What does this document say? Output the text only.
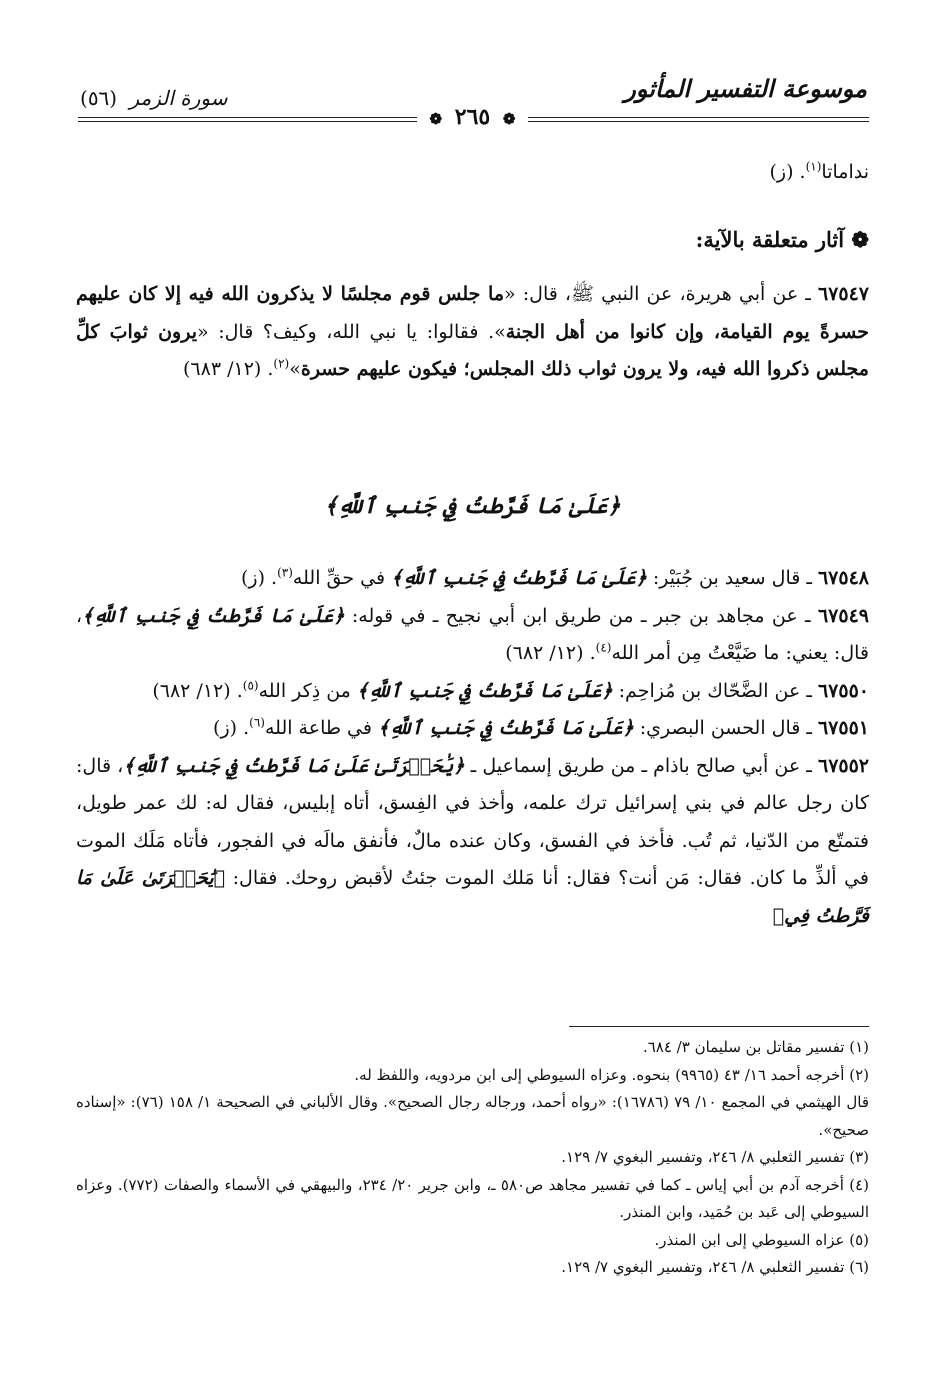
موسوعة التفسير المأثور
سورة الزمر (٥٦)
❁ ٢٦٥ ❁
نداماتا$^{(١)}$. (ز)
❁ آثار متعلقة بالآية:
٦٧٥٤٧ ـ عن أبي هريرة، عن النبي ﷺ، قال: «ما جلس قوم مجلسًا لا يذكرون الله فيه إلا كان عليهم حسرةً يوم القيامة، وإن كانوا من أهل الجنة». فقالوا: يا نبي الله، وكيف؟ قال: «يرون ثوابَ كلِّ مجلس ذكروا الله فيه، ولا يرون ثواب ذلك المجلس؛ فيكون عليهم حسرة»$^{(٢)}$. (١٢/ ٦٨٣)
﴿عَلَىٰ مَا فَرَّطتُ فِي جَنبِ ٱللَّهِ﴾
٦٧٥٤٨ ـ قال سعيد بن جُبَيْر: ﴿عَلَىٰ مَا فَرَّطتُ فِي جَنبِ ٱللَّهِ﴾ في حقِّ الله$^{(٣)}$. (ز)
٦٧٥٤٩ ـ عن مجاهد بن جبر ـ من طريق ابن أبي نجيح ـ في قوله: ﴿عَلَىٰ مَا فَرَّطتُ فِي جَنبِ ٱللَّهِ﴾، قال: يعني: ما ضَيَّعْتُ مِن أمر الله$^{(٤)}$. (١٢/ ٦٨٢)
٦٧٥٥٠ ـ عن الضَّحّاك بن مُزاحِم: ﴿عَلَىٰ مَا فَرَّطتُ فِي جَنبِ ٱللَّهِ﴾ من ذِكر الله$^{(٥)}$. (١٢/ ٦٨٢)
٦٧٥٥١ ـ قال الحسن البصري: ﴿عَلَىٰ مَا فَرَّطتُ فِي جَنبِ ٱللَّهِ﴾ في طاعة الله$^{(٦)}$. (ز)
٦٧٥٥٢ ـ عن أبي صالح باذام ـ من طريق إسماعيل ـ ﴿يَٰحَسۡرَتَىٰ عَلَىٰ مَا فَرَّطتُ فِي جَنبِ ٱللَّهِ﴾، قال: كان رجل عالم في بني إسرائيل ترك علمه، وأخذ في الفِسق، أتاه إبليس، فقال له: لك عمر طويل، فتمتّع من الدّنيا، ثم تُب. فأخذ في الفسق، وكان عنده مالٌ، فأنفق مالَه في الفجور، فأتاه مَلَك الموت في ألذِّ ما كان. فقال: مَن أنت؟ فقال: أنا مَلك الموت جئتُ لأقبض روحك. فقال: ﴿يَٰحَسۡرَتَىٰ عَلَىٰ مَا فَرَّطتُ فِي﴾

(١) تفسير مقاتل بن سليمان ٣/ ٦٨٤.

(٢) أخرجه أحمد ١٦/ ٤٣ (٩٩٦٥) بنحوه. وعزاه السيوطي إلى ابن مردويه، واللفظ له.

قال الهيثمي في المجمع ١٠/ ٧٩ (١٦٧٨٦): «رواه أحمد، ورجاله رجال الصحيح». وقال الألباني في الصحيحة ١/ ١٥٨ (٧٦): «إسناده صحيح».

(٣) تفسير الثعلبي ٨/ ٢٤٦، وتفسير البغوي ٧/ ١٢٩.

(٤) أخرجه آدم بن أبي إياس ـ كما في تفسير مجاهد ص٥٨٠ ـ، وابن جرير ٢٠/ ٢٣٤، والبيهقي في الأسماء والصفات (٧٧٢). وعزاه السيوطي إلى عَبد بن حُمَيد، وابن المنذر.

(٥) عزاه السيوطي إلى ابن المنذر.

(٦) تفسير الثعلبي ٨/ ٢٤٦، وتفسير البغوي ٧/ ١٢٩.
